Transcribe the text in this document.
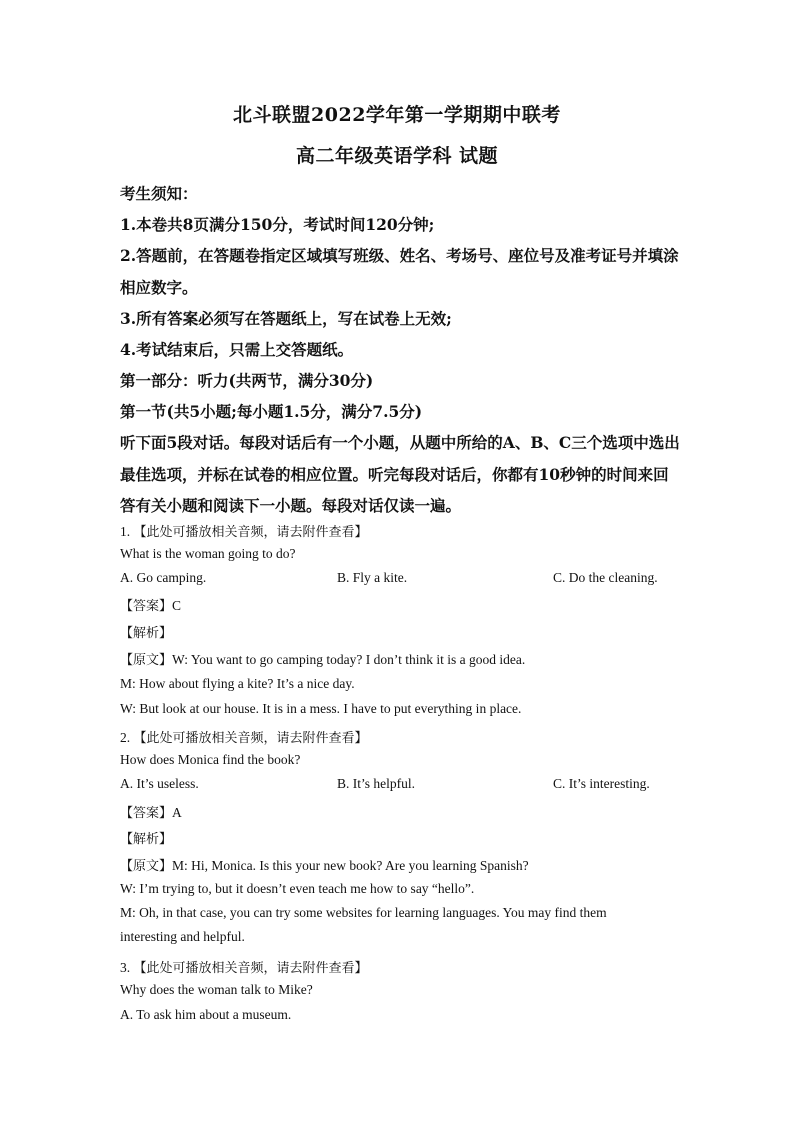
北斗联盟2022学年第一学期期中联考
高二年级英语学科 试题

考生须知：

1.本卷共8页满分150分，考试时间120分钟;

2.答题前，在答题卷指定区域填写班级、姓名、考场号、座位号及准考证号并填涂相应数字。

3.所有答案必须写在答题纸上，写在试卷上无效;

4.考试结束后，只需上交答题纸。

第一部分：听力(共两节，满分30分)

第一节(共5小题;每小题1.5分，满分7.5分)

听下面5段对话。每段对话后有一个小题，从题中所给的A、B、C三个选项中选出最佳选项，并标在试卷的相应位置。听完每段对话后，你都有10秒钟的时间来回答有关小题和阅读下一小题。每段对话仅读一遍。

1. 【此处可播放相关音频，请去附件查看】

What is the woman going to do?

A. Go camping.	B. Fly a kite.	C. Do the cleaning.

【答案】C

【解析】

【原文】W: You want to go camping today? I don’t think it is a good idea.

M: How about flying a kite? It’s a nice day.

W: But look at our house. It is in a mess. I have to put everything in place.

2. 【此处可播放相关音频，请去附件查看】

How does Monica find the book?

A. It’s useless.	B. It’s helpful.	C. It’s interesting.

【答案】A

【解析】

【原文】M: Hi, Monica. Is this your new book? Are you learning Spanish?

W: I’m trying to, but it doesn’t even teach me how to say “hello”.

M: Oh, in that case, you can try some websites for learning languages. You may find them

interesting and helpful.

3. 【此处可播放相关音频，请去附件查看】

Why does the woman talk to Mike?

A. To ask him about a museum.
